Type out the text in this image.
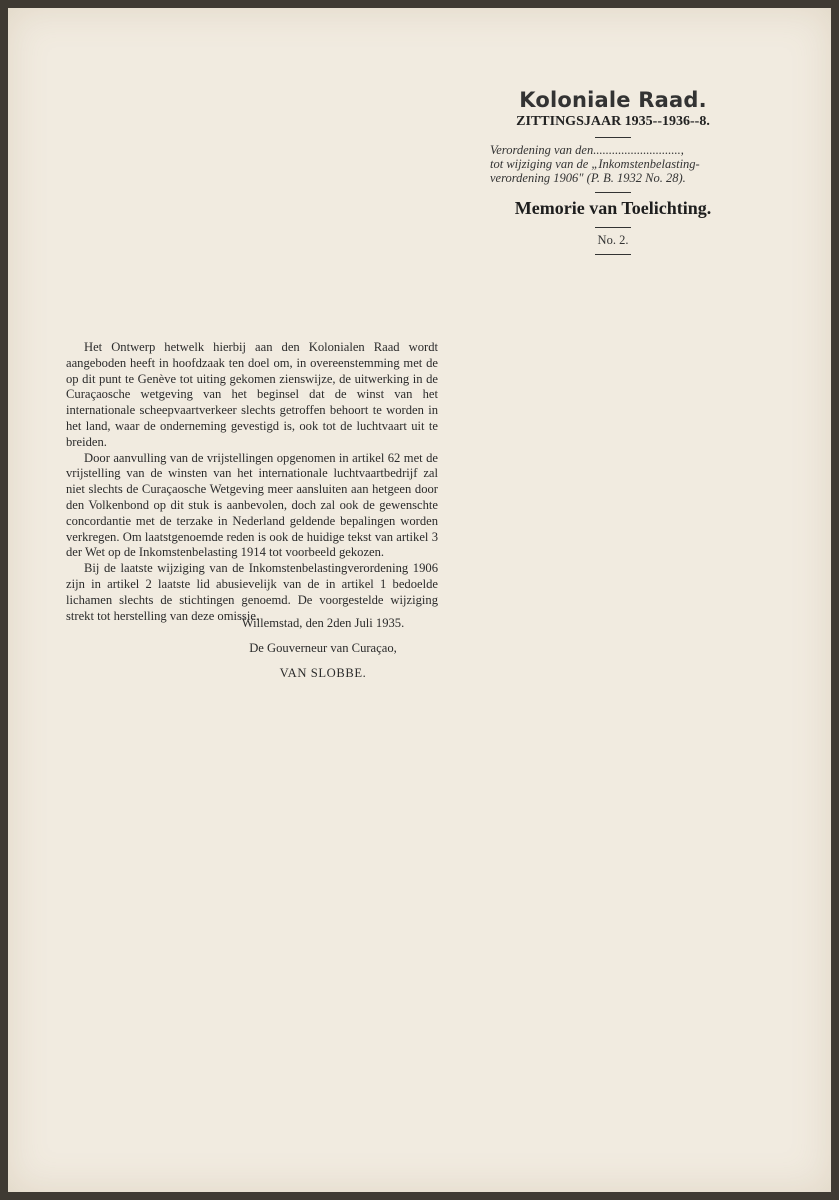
Koloniale Raad.
ZITTINGSJAAR 1935--1936--8.
Verordening van den............................,
tot wijziging van de „Inkomstenbelasting-
verordening 1906" (P. B. 1932 No. 28).
Memorie van Toelichting.
No. 2.

Het Ontwerp hetwelk hierbij aan den Kolonialen Raad wordt aangeboden heeft in hoofdzaak ten doel om, in overeenstemming met de op dit punt te Genève tot uiting gekomen zienswijze, de uitwerking in de Curaçaosche wetgeving van het beginsel dat de winst van het internationale scheepvaartverkeer slechts getroffen behoort te worden in het land, waar de onderneming gevestigd is, ook tot de luchtvaart uit te breiden.

Door aanvulling van de vrijstellingen opgenomen in artikel 62 met de vrijstelling van de winsten van het internationale luchtvaartbedrijf zal niet slechts de Curaçaosche Wetgeving meer aansluiten aan hetgeen door den Volkenbond op dit stuk is aanbevolen, doch zal ook de gewenschte concordantie met de terzake in Nederland geldende bepalingen worden verkregen. Om laatstgenoemde reden is ook de huidige tekst van artikel 3 der Wet op de Inkomstenbelasting 1914 tot voorbeeld gekozen.

Bij de laatste wijziging van de Inkomstenbelastingverordening 1906 zijn in artikel 2 laatste lid abusievelijk van de in artikel 1 bedoelde lichamen slechts de stichtingen genoemd. De voorgestelde wijziging strekt tot herstelling van deze omissie.

Willemstad, den 2den Juli 1935.
De Gouverneur van Curaçao,
VAN SLOBBE.
